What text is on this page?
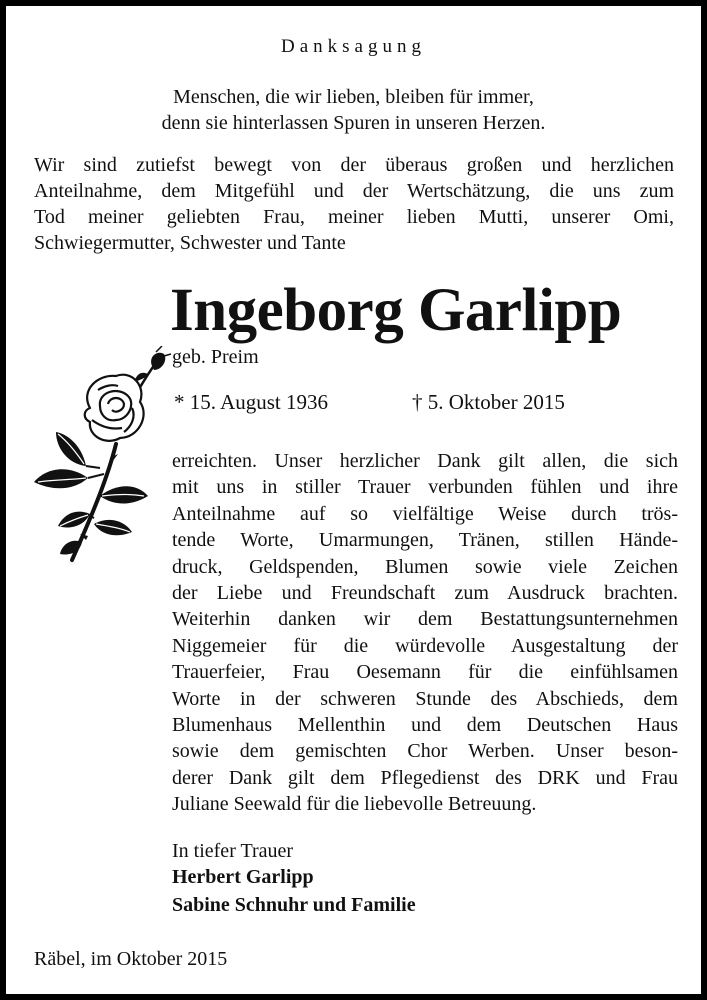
Danksagung
Menschen, die wir lieben, bleiben für immer,
denn sie hinterlassen Spuren in unseren Herzen.
Wir sind zutiefst bewegt von der überaus großen und herzlichen
Anteilnahme, dem Mitgefühl und der Wertschätzung, die uns zum
Tod meiner geliebten Frau, meiner lieben Mutti, unserer Omi,
Schwiegermutter, Schwester und Tante
Ingeborg Garlipp
geb. Preim
* 15. August 1936	† 5. Oktober 2015
erreichten. Unser herzlicher Dank gilt allen, die sich
mit uns in stiller Trauer verbunden fühlen und ihre
Anteilnahme auf so vielfältige Weise durch trös-
tende Worte, Umarmungen, Tränen, stillen Hände-
druck, Geldspenden, Blumen sowie viele Zeichen
der Liebe und Freundschaft zum Ausdruck brachten.
Weiterhin danken wir dem Bestattungsunternehmen
Niggemeier für die würdevolle Ausgestaltung der
Trauerfeier, Frau Oesemann für die einfühlsamen
Worte in der schweren Stunde des Abschieds, dem
Blumenhaus Mellenthin und dem Deutschen Haus
sowie dem gemischten Chor Werben. Unser beson-
derer Dank gilt dem Pflegedienst des DRK und Frau
Juliane Seewald für die liebevolle Betreuung.
In tiefer Trauer
Herbert Garlipp
Sabine Schnuhr und Familie
Räbel, im Oktober 2015
